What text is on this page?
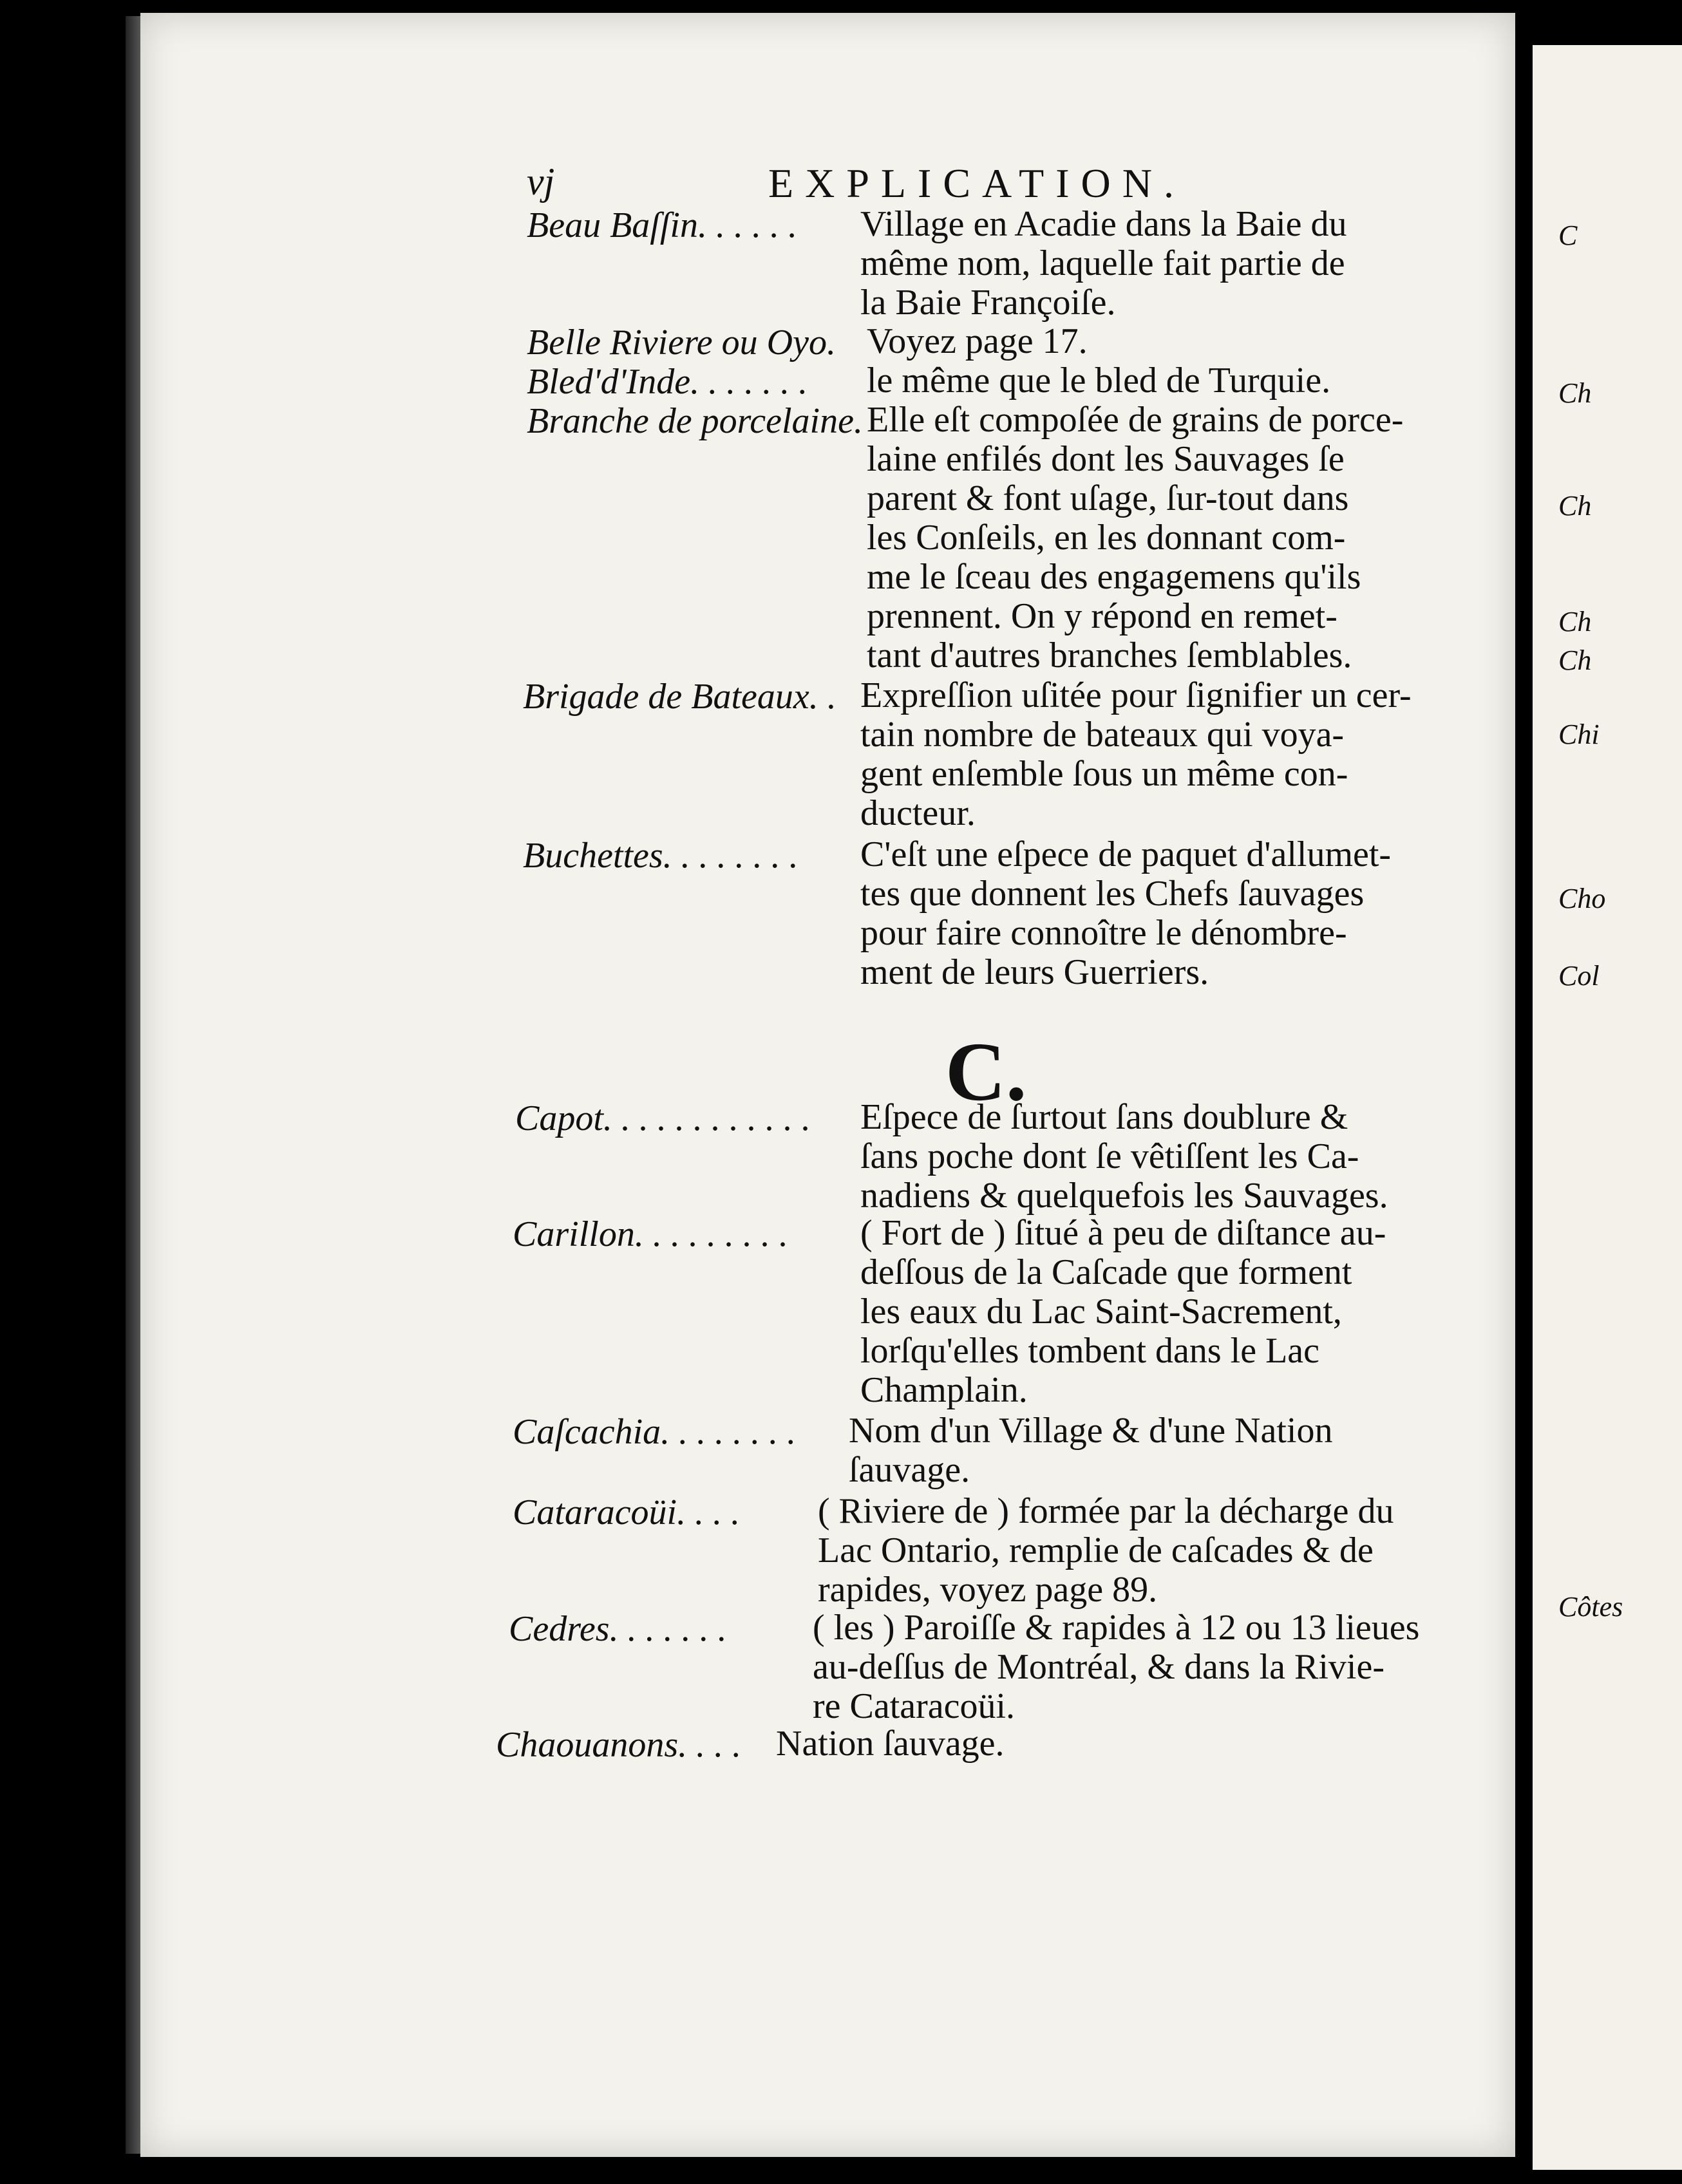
C
Ch
Ch
Ch
Ch
Chi
Cho
Col
Côtes
vj	EXPLICATION.
Beau Baſſin. . . . . . Village en Acadie dans la Baie du
même nom, laquelle fait partie de
la Baie Françoiſe.
Belle Riviere ou Oyo. Voyez page 17.
Bled'd'Inde. . . . . . . le même que le bled de Turquie.
Branche de porcelaine. Elle eſt compoſée de grains de porce-
laine enfilés dont les Sauvages ſe
parent & font uſage, ſur-tout dans
les Conſeils, en les donnant com-
me le ſceau des engagemens qu'ils
prennent. On y répond en remet-
tant d'autres branches ſemblables.
Brigade de Bateaux. . Expreſſion uſitée pour ſignifier un cer-
tain nombre de bateaux qui voya-
gent enſemble ſous un même con-
ducteur.
Buchettes. . . . . . . . C'eſt une eſpece de paquet d'allumet-
tes que donnent les Chefs ſauvages
pour faire connoître le dénombre-
ment de leurs Guerriers.
C.
Capot. . . . . . . . . . . . Eſpece de ſurtout ſans doublure &
ſans poche dont ſe vêtiſſent les Ca-
nadiens & quelquefois les Sauvages.
Carillon. . . . . . . . . ( Fort de ) ſitué à peu de diſtance au-
deſſous de la Caſcade que forment
les eaux du Lac Saint-Sacrement,
lorſqu'elles tombent dans le Lac
Champlain.
Caſcachia. . . . . . . . Nom d'un Village & d'une Nation
ſauvage.
Cataracoüi. . . . ( Riviere de ) formée par la décharge du
Lac Ontario, remplie de caſcades & de
rapides, voyez page 89.
Cedres. . . . . . . ( les ) Paroiſſe & rapides à 12 ou 13 lieues
au-deſſus de Montréal, & dans la Rivie-
re Cataracoüi.
Chaouanons. . . . Nation ſauvage.
